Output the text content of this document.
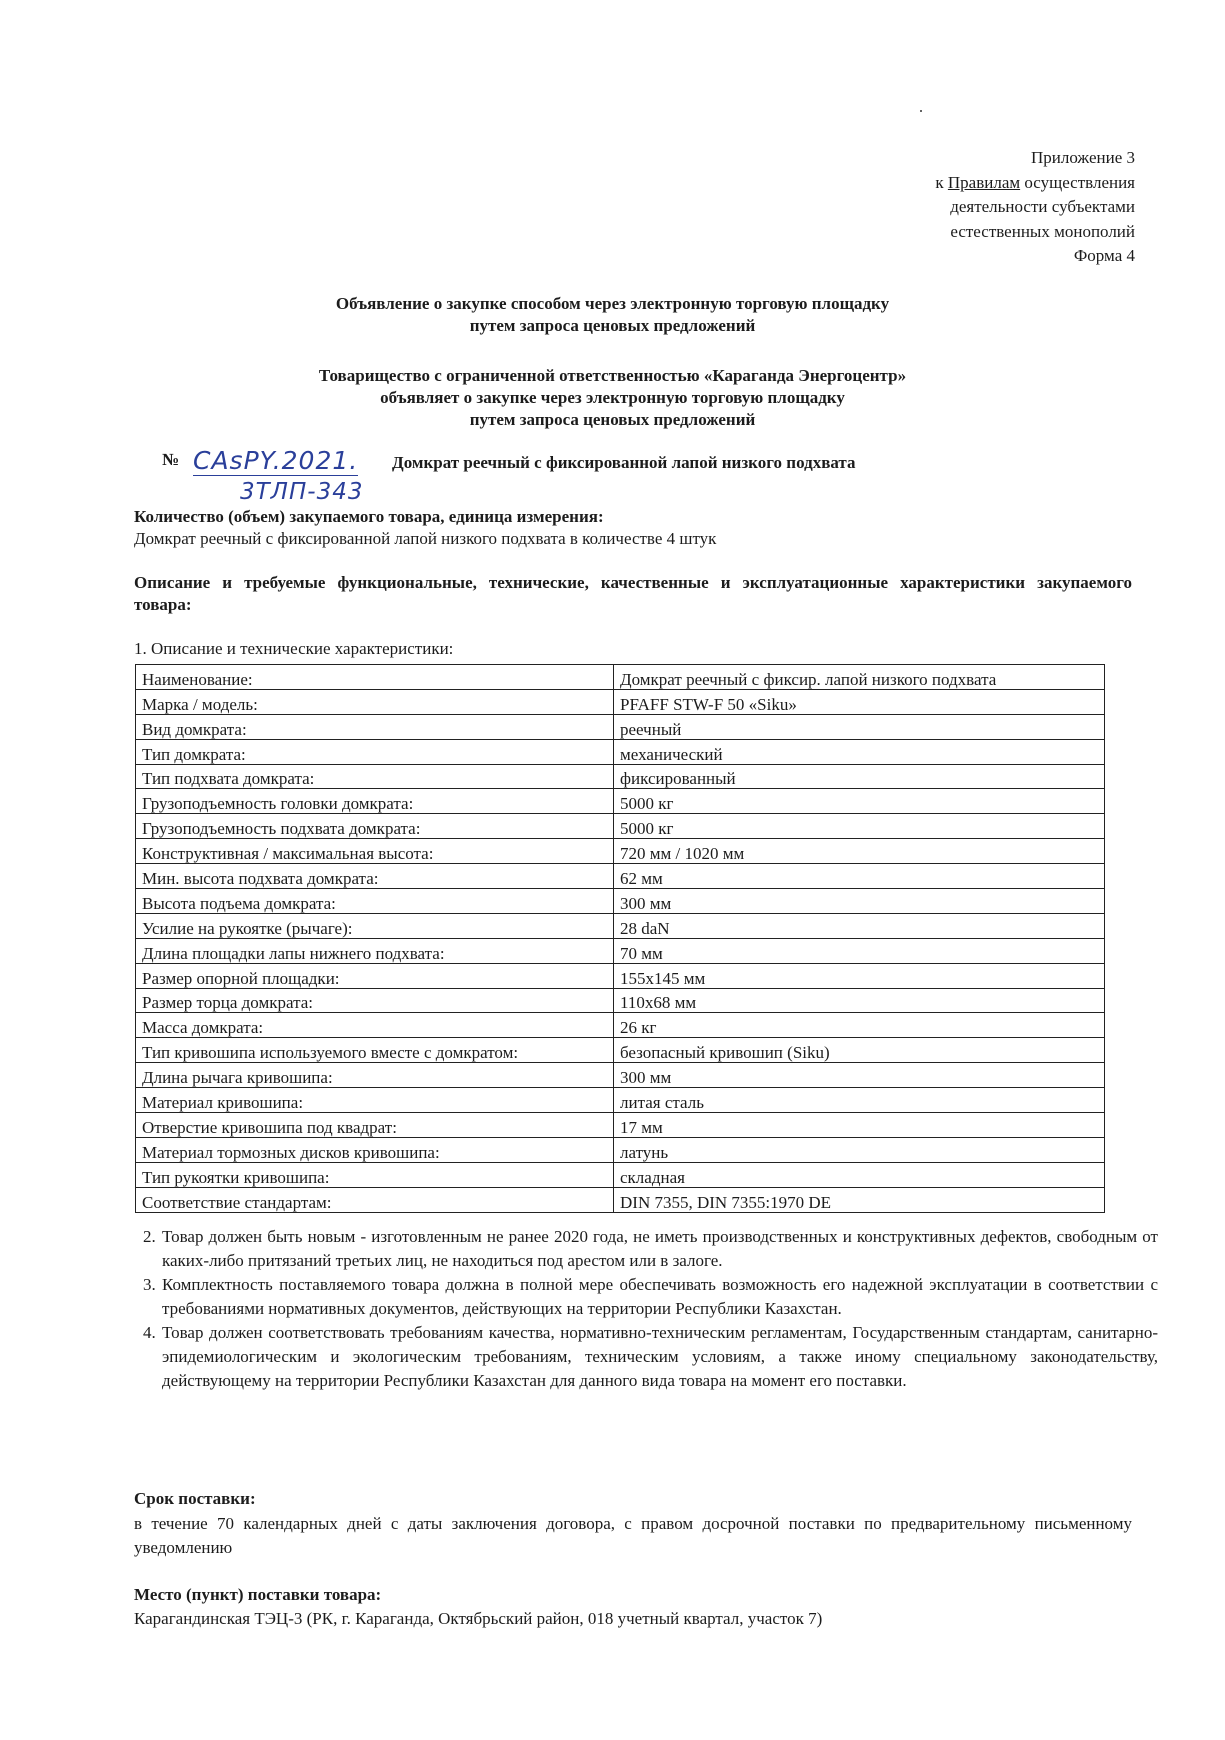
Приложение 3
к Правилам осуществления
деятельности субъектами
естественных монополий
Форма 4
Объявление о закупке способом через электронную торговую площадку
путем запроса ценовых предложений
Товарищество с ограниченной ответственностью «Караганда Энергоцентр»
объявляет о закупке через электронную торговую площадку
путем запроса ценовых предложений
№	Домкрат реечный с фиксированной лапой низкого подхвата
CAsPY.2021.
3ТЛП-343
Количество (объем) закупаемого товара, единица измерения:
Домкрат реечный с фиксированной лапой низкого подхвата в количестве 4 штук
Описание и требуемые функциональные, технические, качественные и эксплуатационные характеристики закупаемого товара:
1. Описание и технические характеристики:
Наименование:	Домкрат реечный с фиксир. лапой низкого подхвата
Марка / модель:	PFAFF STW-F 50 «Siku»
Вид домкрата:	реечный
Тип домкрата:	механический
Тип подхвата домкрата:	фиксированный
Грузоподъемность головки домкрата:	5000 кг
Грузоподъемность подхвата домкрата:	5000 кг
Конструктивная / максимальная высота:	720 мм / 1020 мм
Мин. высота подхвата домкрата:	62 мм
Высота подъема домкрата:	300 мм
Усилие на рукоятке (рычаге):	28 daN
Длина площадки лапы нижнего подхвата:	70 мм
Размер опорной площадки:	155х145 мм
Размер торца домкрата:	110х68 мм
Масса домкрата:	26 кг
Тип кривошипа используемого вместе с домкратом:	безопасный кривошип (Siku)
Длина рычага кривошипа:	300 мм
Материал кривошипа:	литая сталь
Отверстие кривошипа под квадрат:	17 мм
Материал тормозных дисков кривошипа:	латунь
Тип рукоятки кривошипа:	складная
Соответствие стандартам:	DIN 7355, DIN 7355:1970 DE
2. Товар должен быть новым - изготовленным не ранее 2020 года, не иметь производственных и конструктивных дефектов, свободным от каких-либо притязаний третьих лиц, не находиться под арестом или в залоге.
3. Комплектность поставляемого товара должна в полной мере обеспечивать возможность его надежной эксплуатации в соответствии с требованиями нормативных документов, действующих на территории Республики Казахстан.
4. Товар должен соответствовать требованиям качества, нормативно-техническим регламентам, Государственным стандартам, санитарно-эпидемиологическим и экологическим требованиям, техническим условиям, а также иному специальному законодательству, действующему на территории Республики Казахстан для данного вида товара на момент его поставки.
Срок поставки:
в течение 70 календарных дней с даты заключения договора, с правом досрочной поставки по предварительному письменному уведомлению
Место (пункт) поставки товара:
Карагандинская ТЭЦ-3 (РК, г. Караганда, Октябрьский район, 018 учетный квартал, участок 7)
